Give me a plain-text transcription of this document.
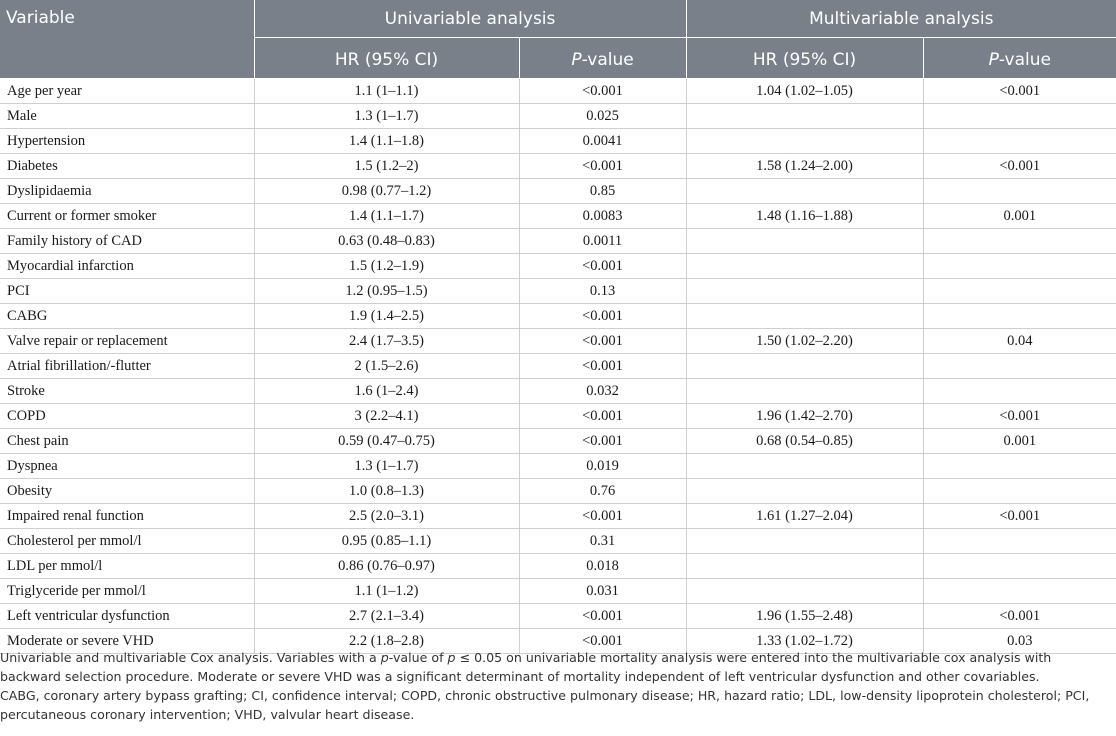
Variable	Univariable analysis		Multivariable analysis	
	HR (95% CI)	P-value	HR (95% CI)	P-value
Age per year	1.1 (1–1.1)	<0.001	1.04 (1.02–1.05)	<0.001
Male	1.3 (1–1.7)	0.025		
Hypertension	1.4 (1.1–1.8)	0.0041		
Diabetes	1.5 (1.2–2)	<0.001	1.58 (1.24–2.00)	<0.001
Dyslipidaemia	0.98 (0.77–1.2)	0.85		
Current or former smoker	1.4 (1.1–1.7)	0.0083	1.48 (1.16–1.88)	0.001
Family history of CAD	0.63 (0.48–0.83)	0.0011		
Myocardial infarction	1.5 (1.2–1.9)	<0.001		
PCI	1.2 (0.95–1.5)	0.13		
CABG	1.9 (1.4–2.5)	<0.001		
Valve repair or replacement	2.4 (1.7–3.5)	<0.001	1.50 (1.02–2.20)	0.04
Atrial fibrillation/-flutter	2 (1.5–2.6)	<0.001		
Stroke	1.6 (1–2.4)	0.032		
COPD	3 (2.2–4.1)	<0.001	1.96 (1.42–2.70)	<0.001
Chest pain	0.59 (0.47–0.75)	<0.001	0.68 (0.54–0.85)	0.001
Dyspnea	1.3 (1–1.7)	0.019		
Obesity	1.0 (0.8–1.3)	0.76		
Impaired renal function	2.5 (2.0–3.1)	<0.001	1.61 (1.27–2.04)	<0.001
Cholesterol per mmol/l	0.95 (0.85–1.1)	0.31		
LDL per mmol/l	0.86 (0.76–0.97)	0.018		
Triglyceride per mmol/l	1.1 (1–1.2)	0.031		
Left ventricular dysfunction	2.7 (2.1–3.4)	<0.001	1.96 (1.55–2.48)	<0.001
Moderate or severe VHD	2.2 (1.8–2.8)	<0.001	1.33 (1.02–1.72)	0.03

Univariable and multivariable Cox analysis. Variables with a p-value of p ≤ 0.05 on univariable mortality analysis were entered into the multivariable cox analysis with backward selection procedure. Moderate or severe VHD was a significant determinant of mortality independent of left ventricular dysfunction and other covariables.

CABG, coronary artery bypass grafting; CI, confidence interval; COPD, chronic obstructive pulmonary disease; HR, hazard ratio; LDL, low-density lipoprotein cholesterol; PCI, percutaneous coronary intervention; VHD, valvular heart disease.
